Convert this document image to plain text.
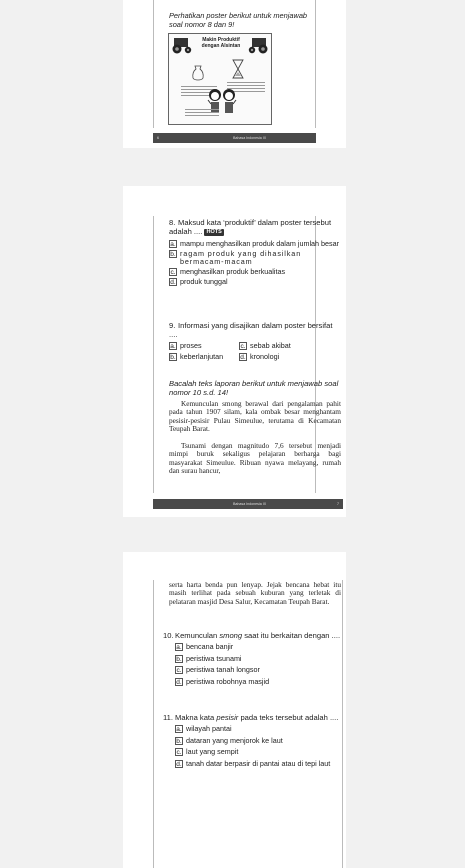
Perhatikan poster berikut untuk menjawab soal nomor 8 dan 9!
Makin Produktif
dengan Alsintan
6	Bahasa Indonesia IX
8. Maksud kata ‘produktif’ dalam poster tersebut adalah .... HOTS
a. mampu menghasilkan produk dalam jumlah besar
b. ragam produk yang dihasilkan bermacam-macam
c. menghasilkan produk berkualitas
d. produk tunggal
9. Informasi yang disajikan dalam poster bersifat ....
a. proses	c. sebab akibat
b. keberlanjutan	d. kronologi
Bacalah teks laporan berikut untuk menjawab soal nomor 10 s.d. 14!
Kemunculan smong berawal dari pengalaman pahit pada tahun 1907 silam, kala ombak besar menghantam pesisir-pesisir Pulau Simeulue, terutama di Kecamatan Teupah Barat.
Tsunami dengan magnitudo 7,6 tersebut menjadi mimpi buruk sekaligus pelajaran berharga bagi masyarakat Simeulue. Ribuan nyawa melayang, rumah dan surau hancur,
Bahasa Indonesia IX	7
serta harta benda pun lenyap. Jejak bencana hebat itu masih terlihat pada sebuah kuburan yang terletak di pelataran masjid Desa Salur, Kecamatan Teupah Barat.
10.Kemunculan smong saat itu berkaitan dengan ....
a. bencana banjir
b. peristiwa tsunami
c. peristiwa tanah longsor
d. peristiwa robohnya masjid
11. Makna kata pesisir pada teks tersebut adalah ....
a. wilayah pantai
b. dataran yang menjorok ke laut
c. laut yang sempit
d. tanah datar berpasir di pantai atau di tepi laut
